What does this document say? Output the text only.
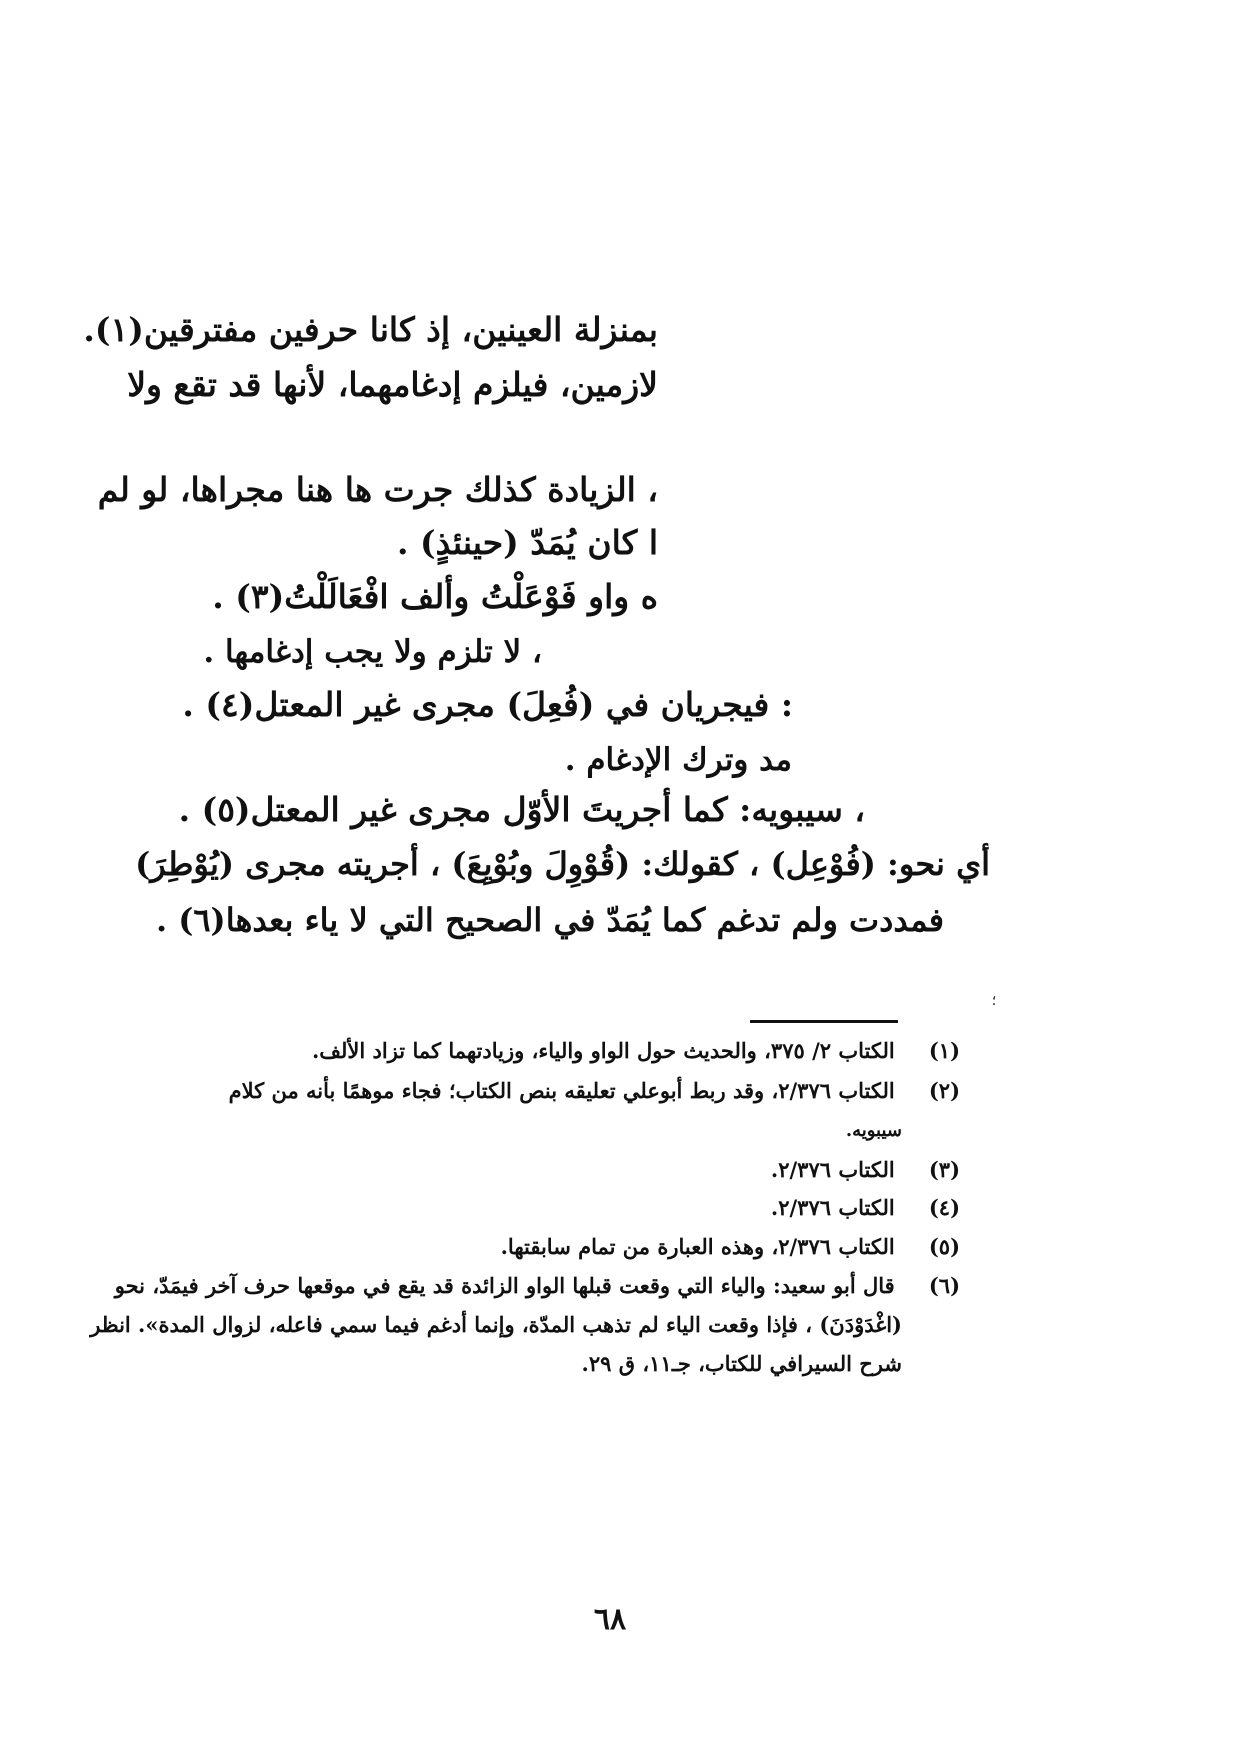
بمنزلة العينين، إذ كانا حرفين مفترقين(١).
لازمين، فيلزم إدغامهما، لأنها قد تقع ولا
، الزيادة كذلك جرت ها هنا مجراها، لو لم
ا كان يُمَدّ (حينئذٍ) .
ه واو فَوْعَلْتُ وألف افْعَالَلْتُ(٣) .
، لا تلزم ولا يجب إدغامها .
: فيجريان في (فُعِلَ) مجرى غير المعتل(٤) .
مد وترك الإدغام .
، سيبويه: كما أجريتَ الأوّل مجرى غير المعتل(٥) .
أي نحو: (فُوْعِل) ، كقولك: (قُوْوِلَ وبُوْيِعَ) ، أجريته مجرى (يُوْطِرَ)
فمددت ولم تدغم كما يُمَدّ في الصحيح التي لا ياء بعدها(٦) .
؛
(١) الكتاب ٢/ ٣٧٥، والحديث حول الواو والياء، وزيادتهما كما تزاد الألف.
(٢) الكتاب ٢/٣٧٦، وقد ربط أبوعلي تعليقه بنص الكتاب؛ فجاء موهمًا بأنه من كلام
سيبويه.
(٣) الكتاب ٢/٣٧٦.
(٤) الكتاب ٢/٣٧٦.
(٥) الكتاب ٢/٣٧٦، وهذه العبارة من تمام سابقتها.
(٦) قال أبو سعيد: والياء التي وقعت قبلها الواو الزائدة قد يقع في موقعها حرف آخر فيمَدّ، نحو
(اغْدَوْدَنَ) ، فإذا وقعت الياء لم تذهب المدّة، وإنما أدغم فيما سمي فاعله، لزوال المدة». انظر
شرح السيرافي للكتاب، جـ١١، ق ٢٩.
٦٨
